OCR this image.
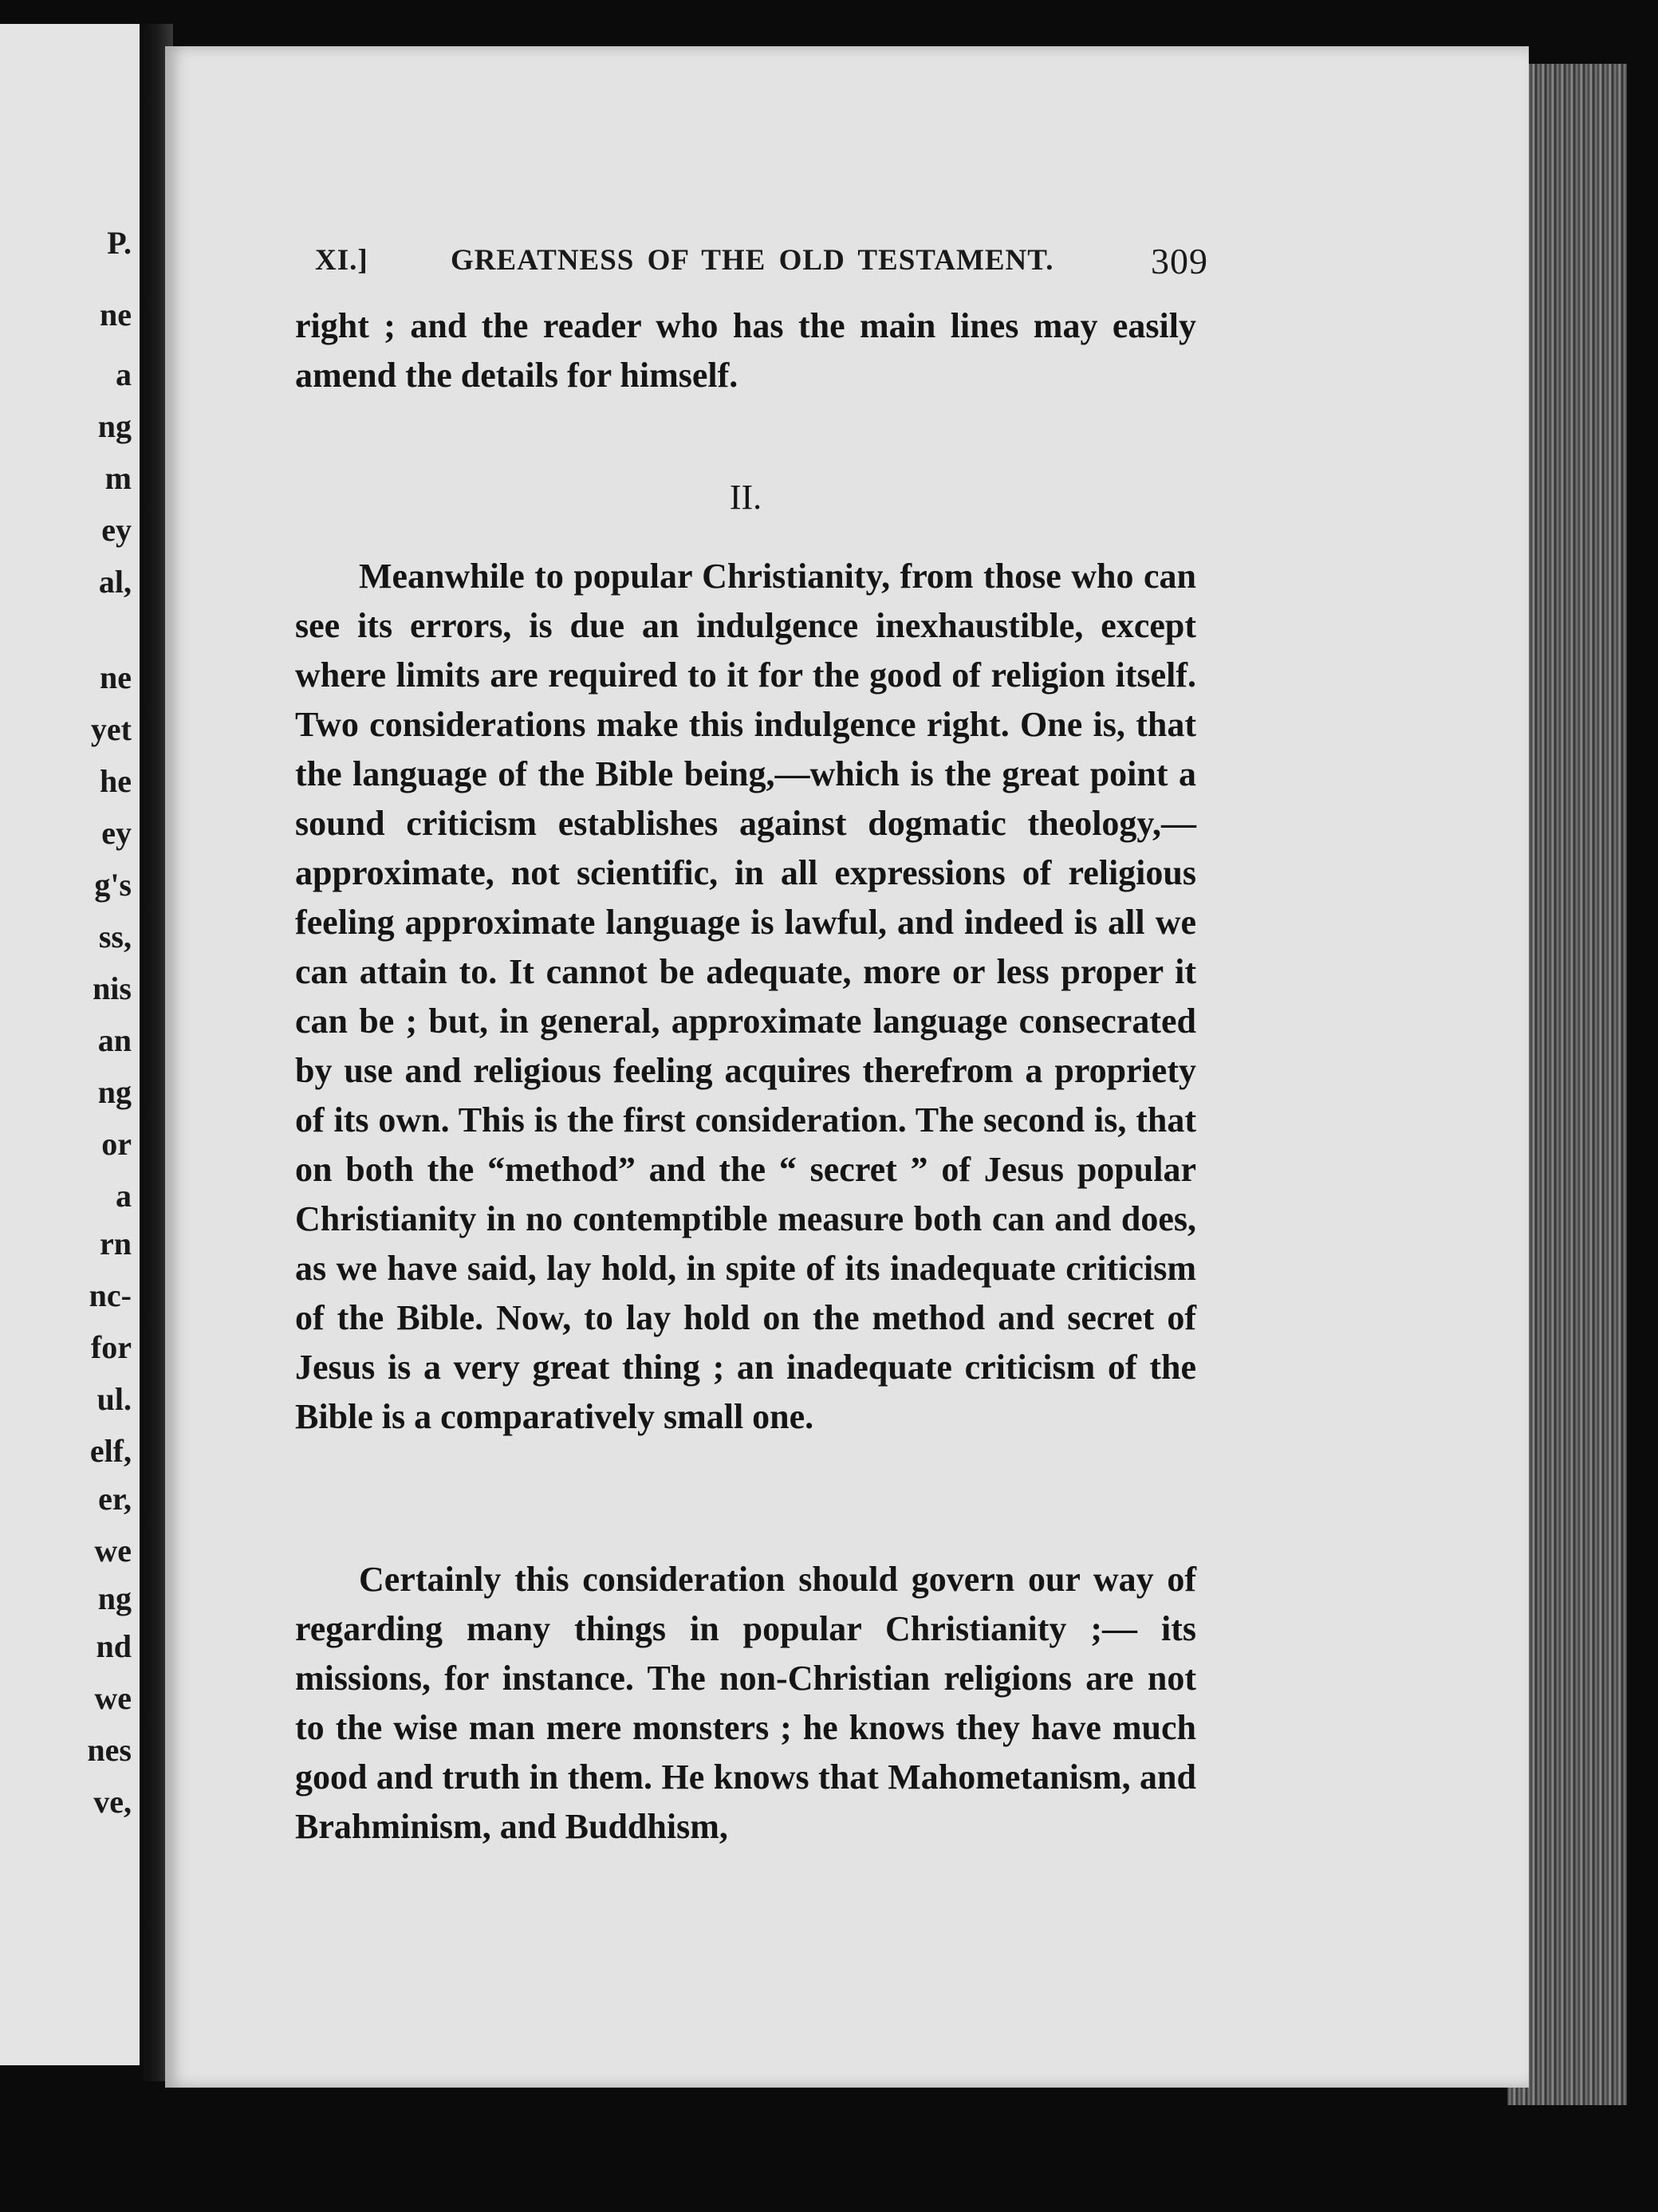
P.
ne
a
ng
m
ey
al,
ne
yet
he
ey
g's
ss,
nis
an
ng
or
a
rn
nc-
for
ul.
elf,
er,
we
ng
nd
we
nes
ve,
XI.]	GREATNESS OF THE OLD TESTAMENT.	309

right ; and the reader who has the main lines may easily amend the details for himself.

II.

Meanwhile to popular Christianity, from those who can see its errors, is due an indulgence inexhaustible, except where limits are required to it for the good of religion itself. Two considerations make this indulgence right. One is, that the language of the Bible being,—which is the great point a sound criticism establishes against dogmatic theology,—approximate, not scientific, in all expressions of religious feeling approximate language is lawful, and indeed is all we can attain to. It cannot be adequate, more or less proper it can be ; but, in general, approximate language consecrated by use and religious feeling acquires therefrom a propriety of its own. This is the first consideration. The second is, that on both the “method” and the “ secret ” of Jesus popular Christianity in no contemptible measure both can and does, as we have said, lay hold, in spite of its inadequate criticism of the Bible. Now, to lay hold on the method and secret of Jesus is a very great thing ; an inadequate criticism of the Bible is a comparatively small one.

Certainly this consideration should govern our way of regarding many things in popular Christianity ;— its missions, for instance. The non-Christian religions are not to the wise man mere monsters ; he knows they have much good and truth in them. He knows that Mahometanism, and Brahminism, and Buddhism,
